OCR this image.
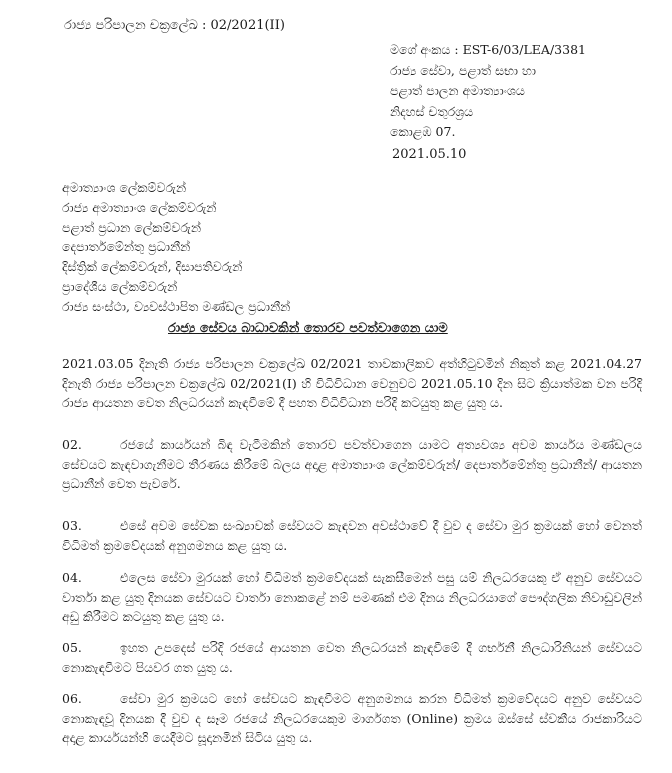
රාජ්‍ය පරිපාලන චක්‍රලේඛ : 02/2021(II)
මගේ අංකය : EST-6/03/LEA/3381
රාජ්‍ය සේවා, පළාත් සභා හා
පළාත් පාලන අමාත්‍යාංශය
නිදහස් චතුරශ්‍රය
කොළඹ 07.
2021.05.10
අමාත්‍යාංශ ලේකම්වරුන්
රාජ්‍ය අමාත්‍යාංශ ලේකම්වරුන්
පළාත් ප්‍රධාන ලේකම්වරුන්
දෙපාර්තමේන්තු ප්‍රධානීන්
දිස්ත්‍රික් ලේකම්වරුන්, දිසාපතිවරුන්
ප්‍රාදේශීය ලේකම්වරුන්
රාජ්‍ය සංස්ථා, ව්‍යවස්ථාපිත මණ්ඩල ප්‍රධානීන්
රාජ්‍ය සේවය බාධාවකින් තොරව පවත්වාගෙන යාම
2021.03.05 දිනැති රාජ්‍ය පරිපාලන චක්‍රලේඛ 02/2021 තාවකාලිකව අත්හිටුවමින් නිකුත් කළ 2021.04.27 දිනැති රාජ්‍ය පරිපාලන චක්‍රලේඛ 02/2021(I) හි විධිවිධාන වෙනුවට 2021.05.10 දින සිට ක්‍රියාත්මක වන පරිදි රාජ්‍ය ආයතන වෙත නිලධරයන් කැඳවීමේ දී පහත විධිවිධාන පරිදි කටයුතු කළ යුතු ය.
02.	රජයේ කාර්යයන් බිඳ වැටීමකින් තොරව පවත්වාගෙන යාමට අත්‍යවශ්‍ය අවම කාර්යය මණ්ඩලය සේවයට කැඳවාගැනීමට තීරණය කිරීමේ බලය අදාළ අමාත්‍යාංශ ලේකම්වරුන්/ දෙපාර්තමේන්තු ප්‍රධානීන්/ ආයතන ප්‍රධානීන් වෙත පැවරේ.
03.	එසේ අවම සේවක සංඛ්‍යාවක් සේවයට කැඳවන අවස්ථාවේ දී වුව ද සේවා මුර ක්‍රමයක් හෝ වෙනත් විධිමත් ක්‍රමවේදයක් අනුගමනය කළ යුතු ය.
04.	එලෙස සේවා මුරයක් හෝ විධිමත් ක්‍රමවේදයක් සැකසීමෙන් පසු යම් නිලධරයෙකු ඒ අනුව සේවයට වාර්තා කළ යුතු දිනයක සේවයට වාර්තා නොකළේ නම් පමණක් එම දිනය නිලධරයාගේ පෞද්ගලික නිවාඩුවලින් අඩු කිරීමට කටයුතු කළ යුතු ය.
05.	ඉහත උපදෙස් පරිදි රජයේ ආයතන වෙත නිලධරයන් කැඳවීමේ දී ගර්භනී නිලධාරිනියන් සේවයට නොකැඳවීමට පියවර ගත යුතු ය.
06.	සේවා මුර ක්‍රමයට හෝ සේවයට කැඳවීමට අනුගමනය කරන විධිමත් ක්‍රමවේදයට අනුව සේවයට නොකැඳවූ දිනයක දී වුව ද සෑම රජයේ නිලධරයෙකුම මාර්ගගත (Online) ක්‍රමය ඔස්සේ ස්වකීය රාජකාරියට අදාළ කාර්යයන්හි යෙදීමට සූදානමින් සිටිය යුතු ය.
